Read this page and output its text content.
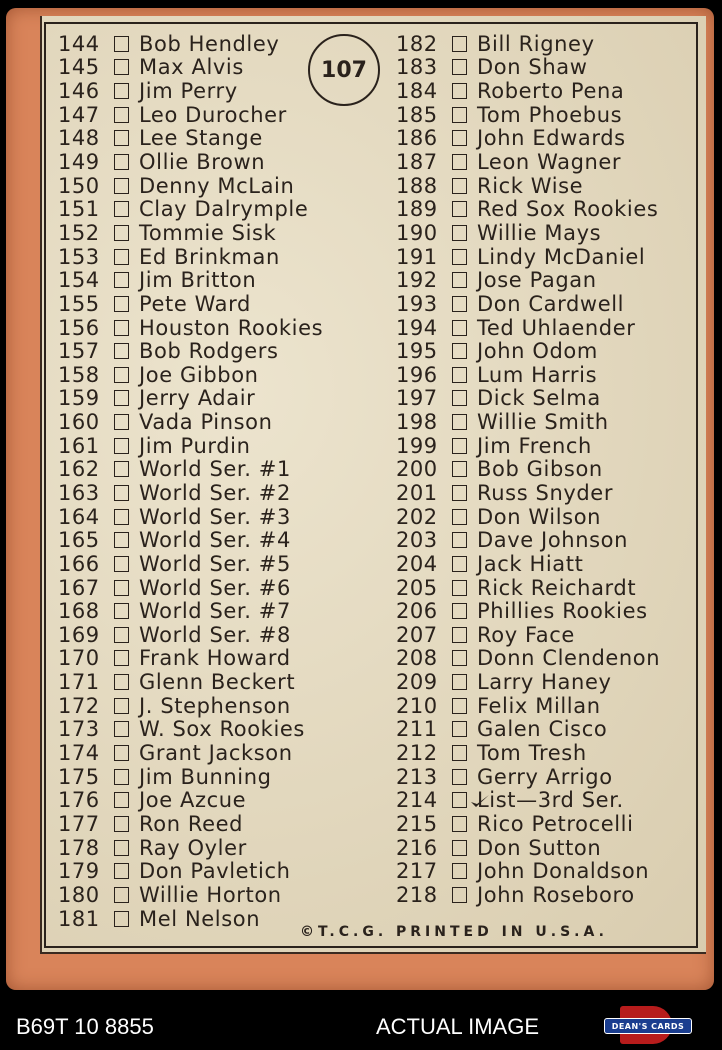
107
144	Bob Hendley
145	Max Alvis
146	Jim Perry
147	Leo Durocher
148	Lee Stange
149	Ollie Brown
150	Denny McLain
151	Clay Dalrymple
152	Tommie Sisk
153	Ed Brinkman
154	Jim Britton
155	Pete Ward
156	Houston Rookies
157	Bob Rodgers
158	Joe Gibbon
159	Jerry Adair
160	Vada Pinson
161	Jim Purdin
162	World Ser. #1
163	World Ser. #2
164	World Ser. #3
165	World Ser. #4
166	World Ser. #5
167	World Ser. #6
168	World Ser. #7
169	World Ser. #8
170	Frank Howard
171	Glenn Beckert
172	J. Stephenson
173	W. Sox Rookies
174	Grant Jackson
175	Jim Bunning
176	Joe Azcue
177	Ron Reed
178	Ray Oyler
179	Don Pavletich
180	Willie Horton
181	Mel Nelson
182	Bill Rigney
183	Don Shaw
184	Roberto Pena
185	Tom Phoebus
186	John Edwards
187	Leon Wagner
188	Rick Wise
189	Red Sox Rookies
190	Willie Mays
191	Lindy McDaniel
192	Jose Pagan
193	Don Cardwell
194	Ted Uhlaender
195	John Odom
196	Lum Harris
197	Dick Selma
198	Willie Smith
199	Jim French
200	Bob Gibson
201	Russ Snyder
202	Don Wilson
203	Dave Johnson
204	Jack Hiatt
205	Rick Reichardt
206	Phillies Rookies
207	Roy Face
208	Donn Clendenon
209	Larry Haney
210	Felix Millan
211	Galen Cisco
212	Tom Tresh
213	Gerry Arrigo
214	List—3rd Ser.
215	Rico Petrocelli
216	Don Sutton
217	John Donaldson
218	John Roseboro
©T.C.G. PRINTED IN U.S.A.
B69T 10 8855	ACTUAL IMAGE	DEAN'S CARDS
